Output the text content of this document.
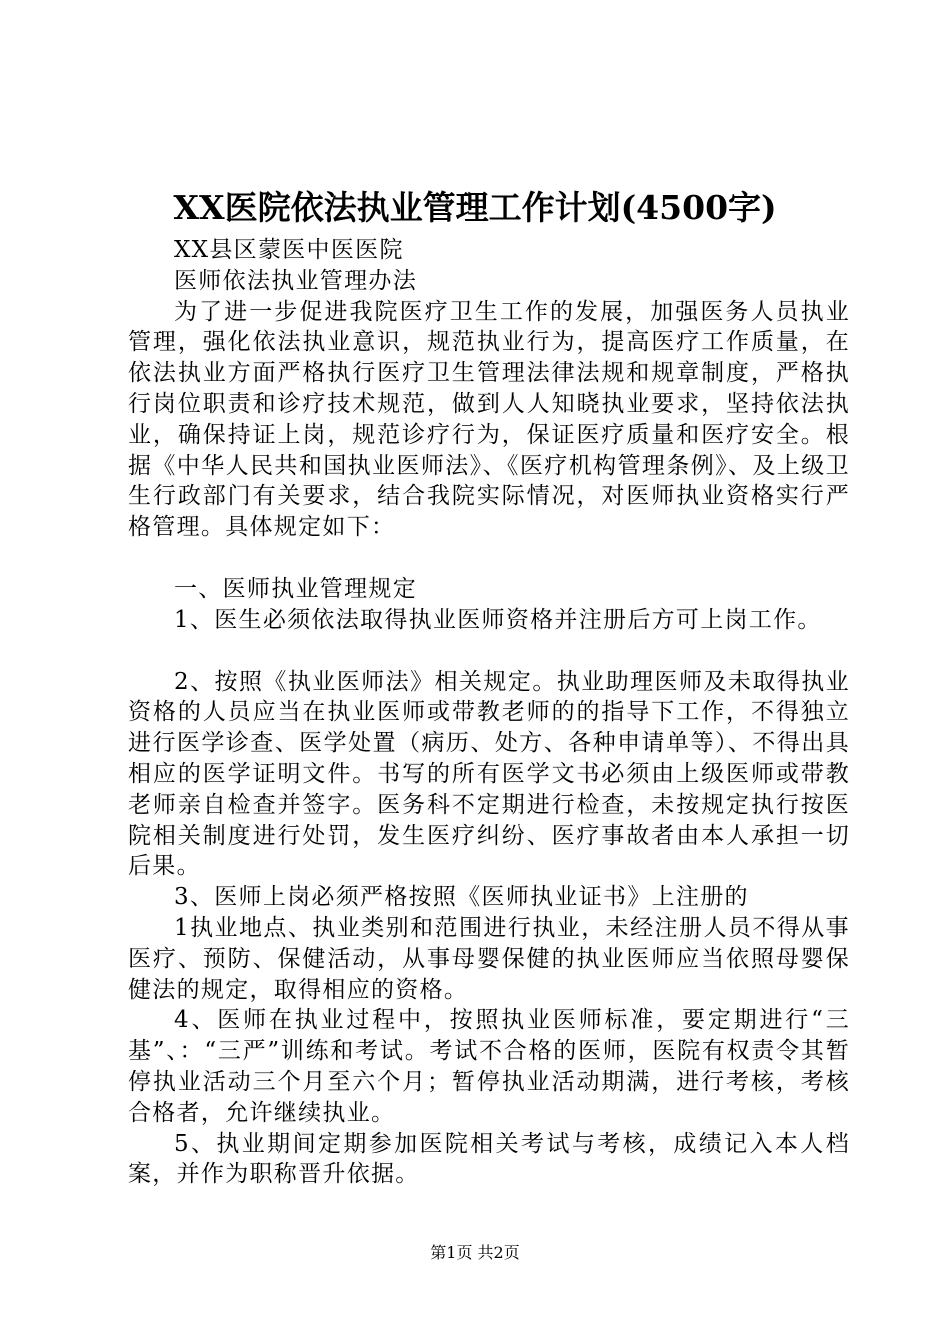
XX医院依法执业管理工作计划(4500字)

XX县区蒙医中医医院

医师依法执业管理办法

为了进一步促进我院医疗卫生工作的发展，加强医务人员执业管理，强化依法执业意识，规范执业行为，提高医疗工作质量，在依法执业方面严格执行医疗卫生管理法律法规和规章制度，严格执行岗位职责和诊疗技术规范，做到人人知晓执业要求，坚持依法执业，确保持证上岗，规范诊疗行为，保证医疗质量和医疗安全。根据《中华人民共和国执业医师法》、《医疗机构管理条例》、及上级卫生行政部门有关要求，结合我院实际情况，对医师执业资格实行严格管理。具体规定如下：

一、医师执业管理规定

1、医生必须依法取得执业医师资格并注册后方可上岗工作。

2、按照《执业医师法》相关规定。执业助理医师及未取得执业资格的人员应当在执业医师或带教老师的的指导下工作，不得独立进行医学诊查、医学处置（病历、处方、各种申请单等）、不得出具相应的医学证明文件。书写的所有医学文书必须由上级医师或带教老师亲自检查并签字。医务科不定期进行检查，未按规定执行按医院相关制度进行处罚，发生医疗纠纷、医疗事故者由本人承担一切后果。

3、医师上岗必须严格按照《医师执业证书》上注册的

1执业地点、执业类别和范围进行执业，未经注册人员不得从事医疗、预防、保健活动，从事母婴保健的执业医师应当依照母婴保健法的规定，取得相应的资格。

4、医师在执业过程中，按照执业医师标准，要定期进行“三基”、：“三严”训练和考试。考试不合格的医师，医院有权责令其暂停执业活动三个月至六个月；暂停执业活动期满，进行考核，考核合格者，允许继续执业。

5、执业期间定期参加医院相关考试与考核，成绩记入本人档案，并作为职称晋升依据。

第1页 共2页
